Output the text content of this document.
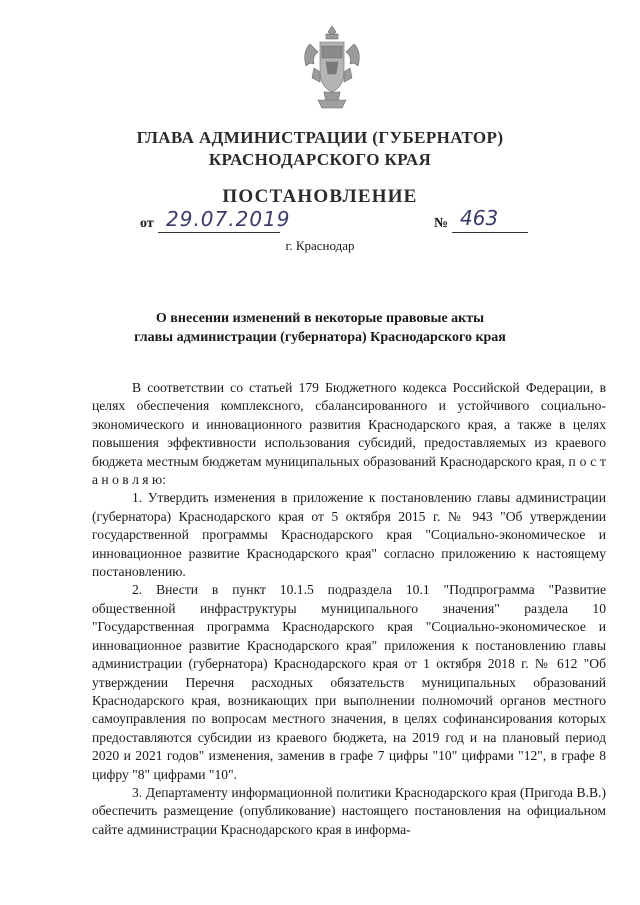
ГЛАВА АДМИНИСТРАЦИИ (ГУБЕРНАТОР)
КРАСНОДАРСКОГО КРАЯ
ПОСТАНОВЛЕНИЕ
от 29.07.2019	№ 463
г. Краснодар
О внесении изменений в некоторые правовые акты
главы администрации (губернатора) Краснодарского края

В соответствии со статьей 179 Бюджетного кодекса Российской Федерации, в целях обеспечения комплексного, сбалансированного и устойчивого социально-экономического и инновационного развития Краснодарского края, а также в целях повышения эффективности использования субсидий, предоставляемых из краевого бюджета местным бюджетам муниципальных образований Краснодарского края, п о с т а н о в л я ю:

1. Утвердить изменения в приложение к постановлению главы администрации (губернатора) Краснодарского края от 5 октября 2015 г. № 943 "Об утверждении государственной программы Краснодарского края "Социально-экономическое и инновационное развитие Краснодарского края" согласно приложению к настоящему постановлению.

2. Внести в пункт 10.1.5 подраздела 10.1 "Подпрограмма "Развитие общественной инфраструктуры муниципального значения" раздела 10 "Государственная программа Краснодарского края "Социально-экономическое и инновационное развитие Краснодарского края" приложения к постановлению главы администрации (губернатора) Краснодарского края от 1 октября 2018 г. № 612 "Об утверждении Перечня расходных обязательств муниципальных образований Краснодарского края, возникающих при выполнении полномочий органов местного самоуправления по вопросам местного значения, в целях софинансирования которых предоставляются субсидии из краевого бюджета, на 2019 год и на плановый период 2020 и 2021 годов" изменения, заменив в графе 7 цифры "10" цифрами "12", в графе 8 цифру "8" цифрами "10".

3. Департаменту информационной политики Краснодарского края (Пригода В.В.) обеспечить размещение (опубликование) настоящего постановления на официальном сайте администрации Краснодарского края в информа-
